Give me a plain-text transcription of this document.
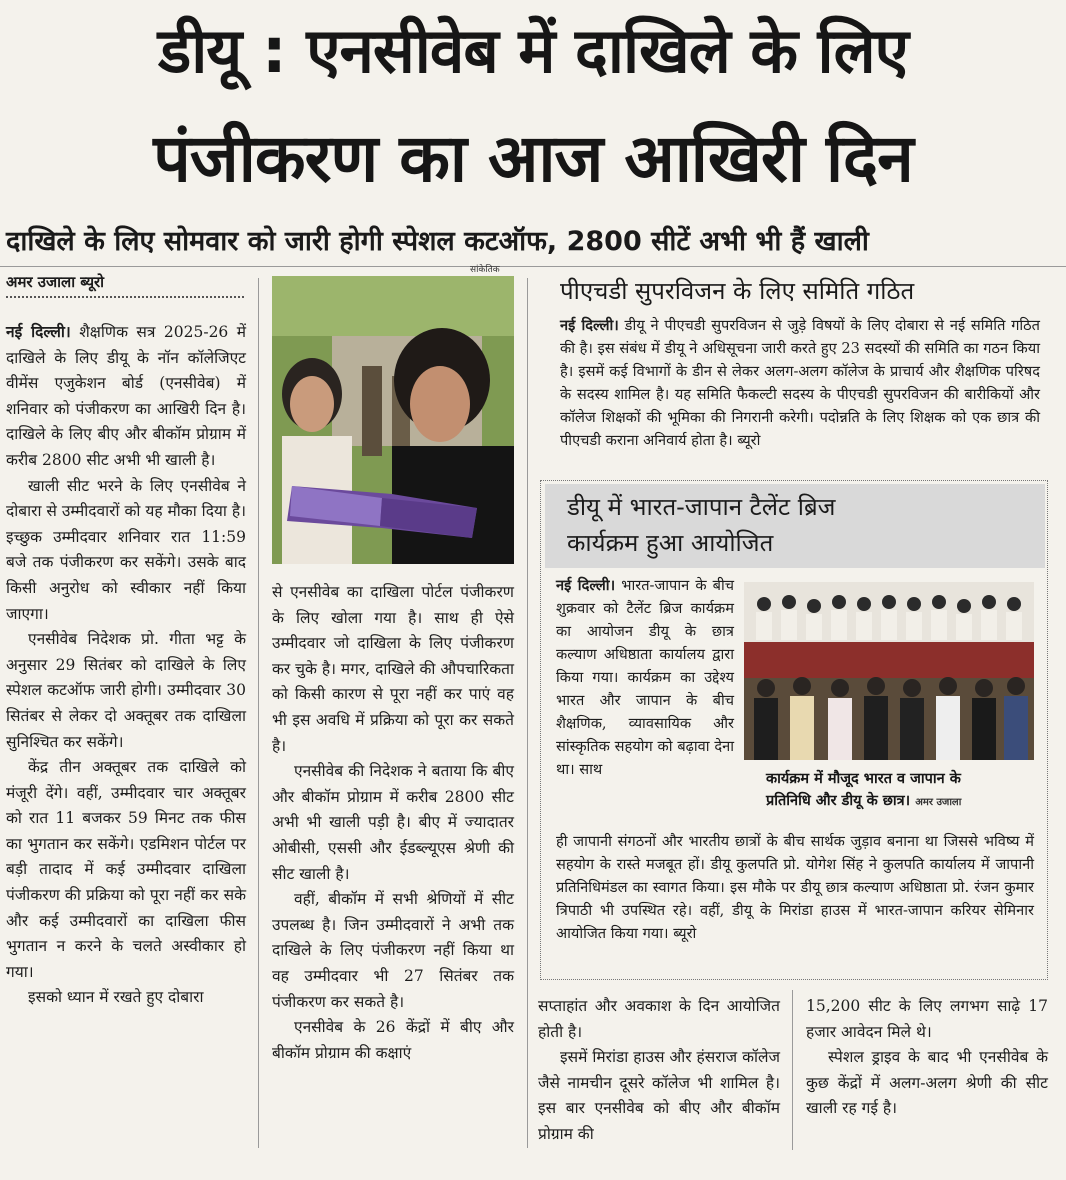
डीयू : एनसीवेब में दाखिले के लिए
पंजीकरण का आज आखिरी दिन
दाखिले के लिए सोमवार को जारी होगी स्पेशल कटऑफ, 2800 सीटें अभी भी हैं खाली
अमर उजाला ब्यूरो

नई दिल्ली। शैक्षणिक सत्र 2025-26 में दाखिले के लिए डीयू के नॉन कॉलेजिएट वीमेंस एजुकेशन बोर्ड (एनसीवेब) में शनिवार को पंजीकरण का आखिरी दिन है। दाखिले के लिए बीए और बीकॉम प्रोग्राम में करीब 2800 सीट अभी भी खाली है।

खाली सीट भरने के लिए एनसीवेब ने दोबारा से उम्मीदवारों को यह मौका दिया है। इच्छुक उम्मीदवार शनिवार रात 11:59 बजे तक पंजीकरण कर सकेंगे। उसके बाद किसी अनुरोध को स्वीकार नहीं किया जाएगा।

एनसीवेब निदेशक प्रो. गीता भट्ट के अनुसार 29 सितंबर को दाखिले के लिए स्पेशल कटऑफ जारी होगी। उम्मीदवार 30 सितंबर से लेकर दो अक्तूबर तक दाखिला सुनिश्चित कर सकेंगे।

केंद्र तीन अक्तूबर तक दाखिले को मंजूरी देंगे। वहीं, उम्मीदवार चार अक्तूबर को रात 11 बजकर 59 मिनट तक फीस का भुगतान कर सकेंगे। एडमिशन पोर्टल पर बड़ी तादाद में कई उम्मीदवार दाखिला पंजीकरण की प्रक्रिया को पूरा नहीं कर सके और कई उम्मीदवारों का दाखिला फीस भुगतान न करने के चलते अस्वीकार हो गया।

इसको ध्यान में रखते हुए दोबारा

सांकेतिक

से एनसीवेब का दाखिला पोर्टल पंजीकरण के लिए खोला गया है। साथ ही ऐसे उम्मीदवार जो दाखिला के लिए पंजीकरण कर चुके है। मगर, दाखिले की औपचारिकता को किसी कारण से पूरा नहीं कर पाएं वह भी इस अवधि में प्रक्रिया को पूरा कर सकते है।

एनसीवेब की निदेशक ने बताया कि बीए और बीकॉम प्रोग्राम में करीब 2800 सीट अभी भी खाली पड़ी है। बीए में ज्यादातर ओबीसी, एससी और ईडब्ल्यूएस श्रेणी की सीट खाली है।

वहीं, बीकॉम में सभी श्रेणियों में सीट उपलब्ध है। जिन उम्मीदवारों ने अभी तक दाखिले के लिए पंजीकरण नहीं किया था वह उम्मीदवार भी 27 सितंबर तक पंजीकरण कर सकते है।

एनसीवेब के 26 केंद्रों में बीए और बीकॉम प्रोग्राम की कक्षाएं

पीएचडी सुपरविजन के लिए समिति गठित

नई दिल्ली। डीयू ने पीएचडी सुपरविजन से जुड़े विषयों के लिए दोबारा से नई समिति गठित की है। इस संबंध में डीयू ने अधिसूचना जारी करते हुए 23 सदस्यों की समिति का गठन किया है। इसमें कई विभागों के डीन से लेकर अलग-अलग कॉलेज के प्राचार्य और शैक्षणिक परिषद के सदस्य शामिल है। यह समिति फैकल्टी सदस्य के पीएचडी सुपरविजन की बारीकियों और कॉलेज शिक्षकों की भूमिका की निगरानी करेगी। पदोन्नति के लिए शिक्षक को एक छात्र की पीएचडी कराना अनिवार्य होता है। ब्यूरो

डीयू में भारत-जापान टैलेंट ब्रिज
कार्यक्रम हुआ आयोजित

नई दिल्ली। भारत-जापान के बीच शुक्रवार को टैलेंट ब्रिज कार्यक्रम का आयोजन डीयू के छात्र कल्याण अधिष्ठाता कार्यालय द्वारा किया गया। कार्यक्रम का उद्देश्य भारत और जापान के बीच शैक्षणिक, व्यावसायिक और सांस्कृतिक सहयोग को बढ़ावा देना था। साथ

कार्यक्रम में मौजूद भारत व जापान के
प्रतिनिधि और डीयू के छात्र। अमर उजाला

ही जापानी संगठनों और भारतीय छात्रों के बीच सार्थक जुड़ाव बनाना था जिससे भविष्य में सहयोग के रास्ते मजबूत हों। डीयू कुलपति प्रो. योगेश सिंह ने कुलपति कार्यालय में जापानी प्रतिनिधिमंडल का स्वागत किया। इस मौके पर डीयू छात्र कल्याण अधिष्ठाता प्रो. रंजन कुमार त्रिपाठी भी उपस्थित रहे। वहीं, डीयू के मिरांडा हाउस में भारत-जापान करियर सेमिनार आयोजित किया गया। ब्यूरो

सप्ताहांत और अवकाश के दिन आयोजित होती है।

इसमें मिरांडा हाउस और हंसराज कॉलेज जैसे नामचीन दूसरे कॉलेज भी शामिल है। इस बार एनसीवेब को बीए और बीकॉम प्रोग्राम की

15,200 सीट के लिए लगभग साढ़े 17 हजार आवेदन मिले थे।

स्पेशल ड्राइव के बाद भी एनसीवेब के कुछ केंद्रों में अलग-अलग श्रेणी की सीट खाली रह गई है।
